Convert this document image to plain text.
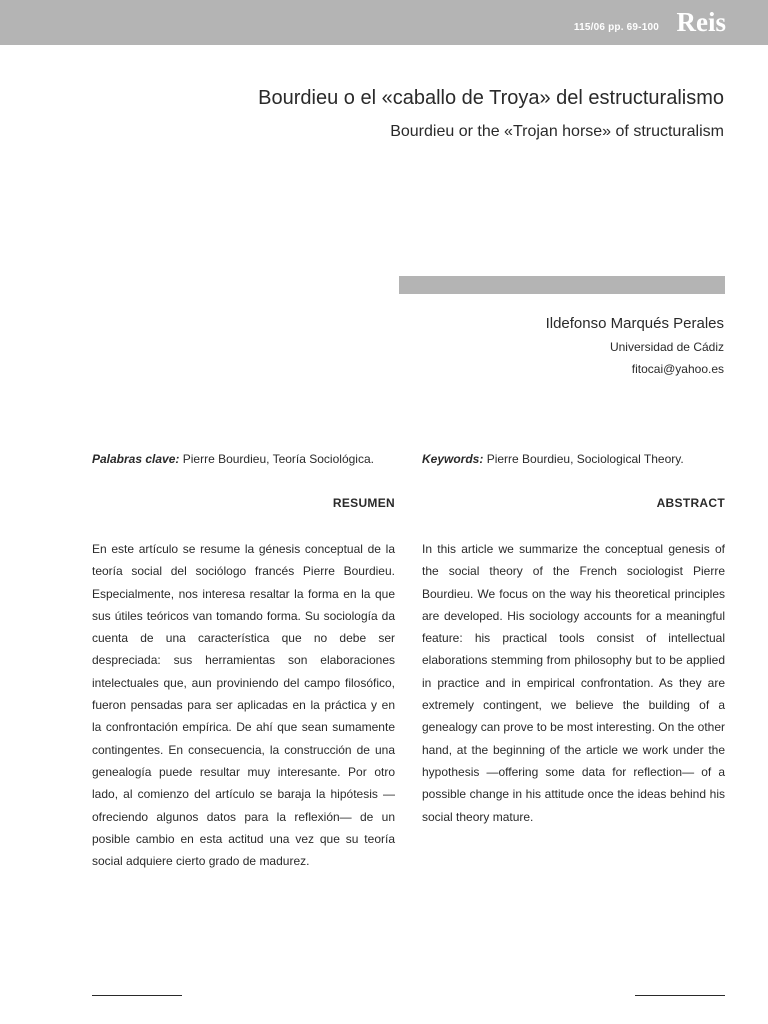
115/06 pp. 69-100 Reis
Bourdieu o el «caballo de Troya» del estructuralismo
Bourdieu or the «Trojan horse» of structuralism
Ildefonso Marqués Perales
Universidad de Cádiz
fitocai@yahoo.es
Palabras clave: Pierre Bourdieu, Teoría Sociológica.
RESUMEN
En este artículo se resume la génesis conceptual de la teoría social del sociólogo francés Pierre Bourdieu. Especialmente, nos interesa resaltar la forma en la que sus útiles teóricos van tomando forma. Su sociología da cuenta de una característica que no debe ser despreciada: sus herramientas son elaboraciones intelectuales que, aun proviniendo del campo filosófico, fueron pensadas para ser aplicadas en la práctica y en la confrontación empírica. De ahí que sean sumamente contingentes. En consecuencia, la construcción de una genealogía puede resultar muy interesante. Por otro lado, al comienzo del artículo se baraja la hipótesis —ofreciendo algunos datos para la reflexión— de un posible cambio en esta actitud una vez que su teoría social adquiere cierto grado de madurez.
Keywords: Pierre Bourdieu, Sociological Theory.
ABSTRACT
In this article we summarize the conceptual genesis of the social theory of the French sociologist Pierre Bourdieu. We focus on the way his theoretical principles are developed. His sociology accounts for a meaningful feature: his practical tools consist of intellectual elaborations stemming from philosophy but to be applied in practice and in empirical confrontation. As they are extremely contingent, we believe the building of a genealogy can prove to be most interesting. On the other hand, at the beginning of the article we work under the hypothesis —offering some data for reflection— of a possible change in his attitude once the ideas behind his social theory mature.
